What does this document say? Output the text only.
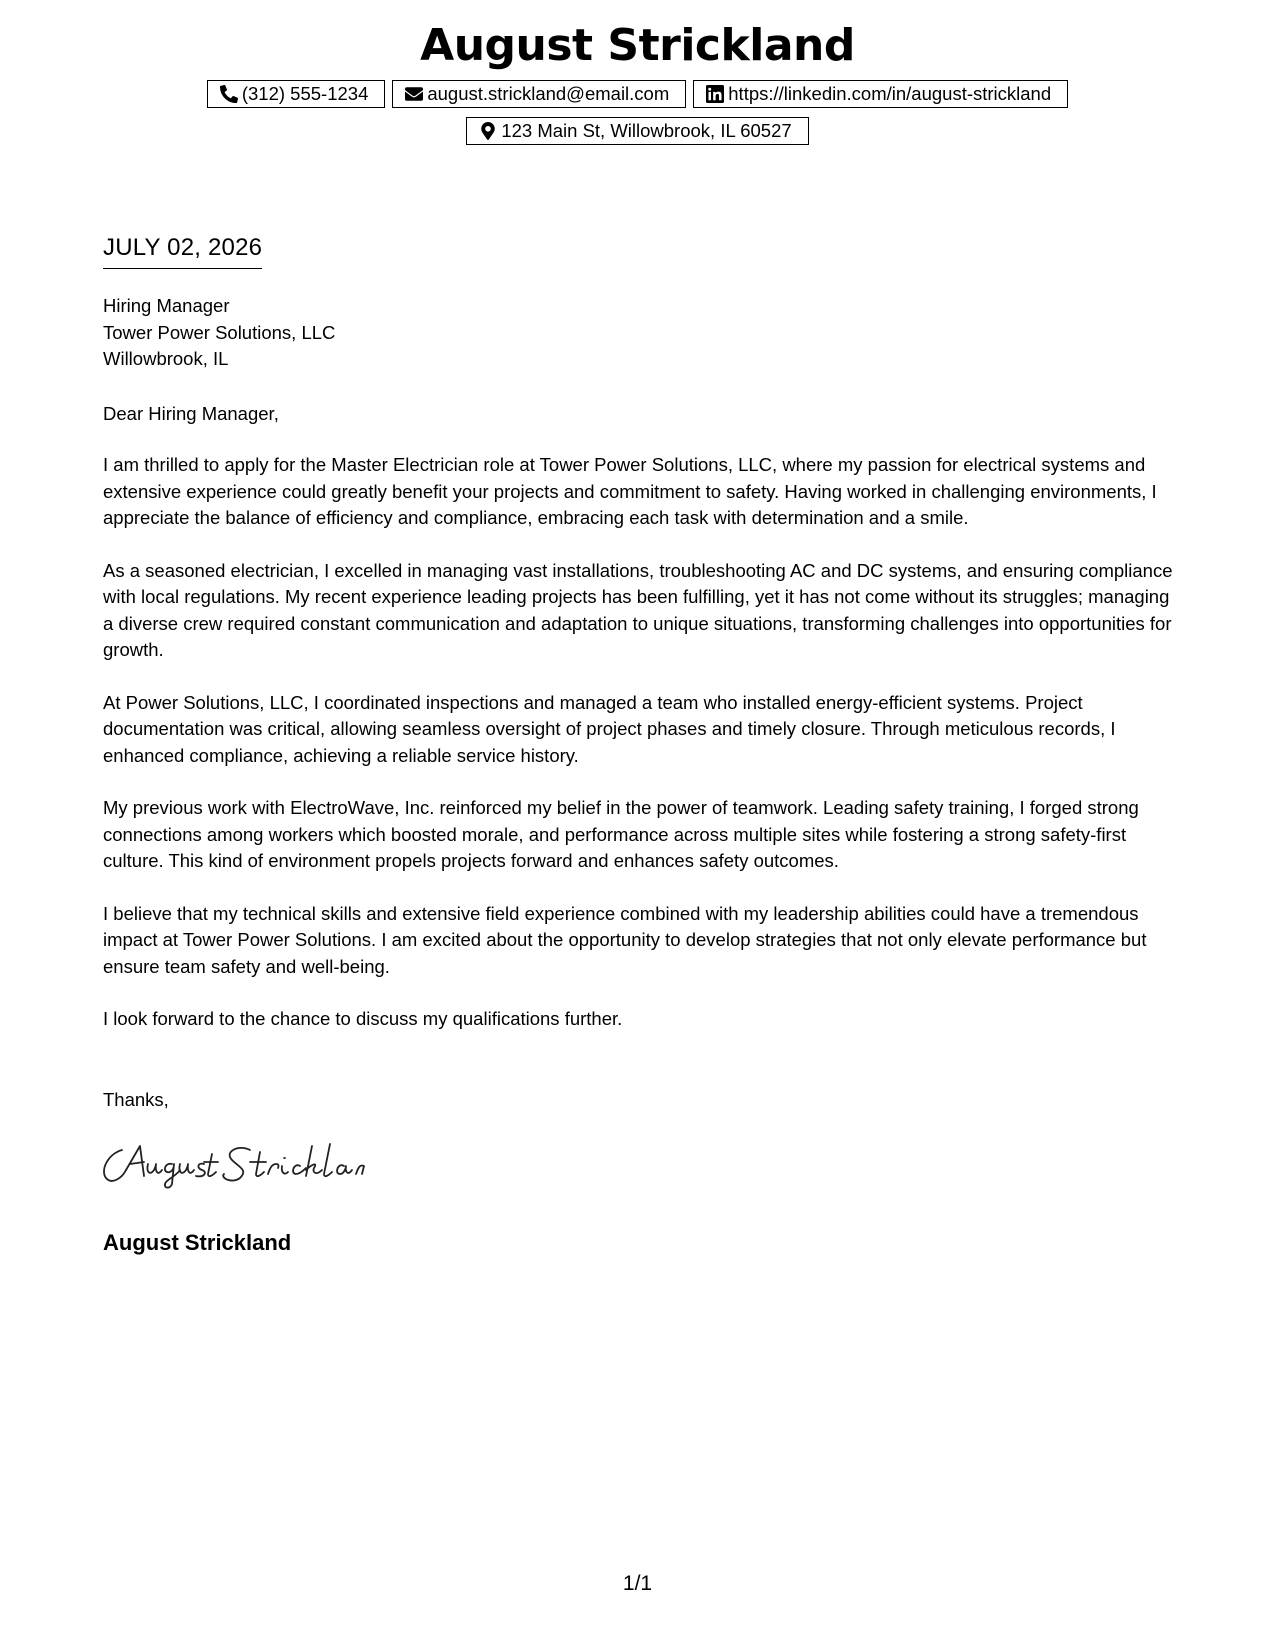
August Strickland
(312) 555-1234	august.strickland@email.com	https://linkedin.com/in/august-strickland
123 Main St, Willowbrook, IL 60527
JULY 02, 2026
Hiring Manager
Tower Power Solutions, LLC
Willowbrook, IL
Dear Hiring Manager,

I am thrilled to apply for the Master Electrician role at Tower Power Solutions, LLC, where my passion for electrical systems and extensive experience could greatly benefit your projects and commitment to safety. Having worked in challenging environments, I appreciate the balance of efficiency and compliance, embracing each task with determination and a smile.

As a seasoned electrician, I excelled in managing vast installations, troubleshooting AC and DC systems, and ensuring compliance with local regulations. My recent experience leading projects has been fulfilling, yet it has not come without its struggles; managing a diverse crew required constant communication and adaptation to unique situations, transforming challenges into opportunities for growth.

At Power Solutions, LLC, I coordinated inspections and managed a team who installed energy-efficient systems. Project documentation was critical, allowing seamless oversight of project phases and timely closure. Through meticulous records, I enhanced compliance, achieving a reliable service history.

My previous work with ElectroWave, Inc. reinforced my belief in the power of teamwork. Leading safety training, I forged strong connections among workers which boosted morale, and performance across multiple sites while fostering a strong safety-first culture. This kind of environment propels projects forward and enhances safety outcomes.

I believe that my technical skills and extensive field experience combined with my leadership abilities could have a tremendous impact at Tower Power Solutions. I am excited about the opportunity to develop strategies that not only elevate performance but ensure team safety and well-being.

I look forward to the chance to discuss my qualifications further.

Thanks,
August Strickland
1/1
